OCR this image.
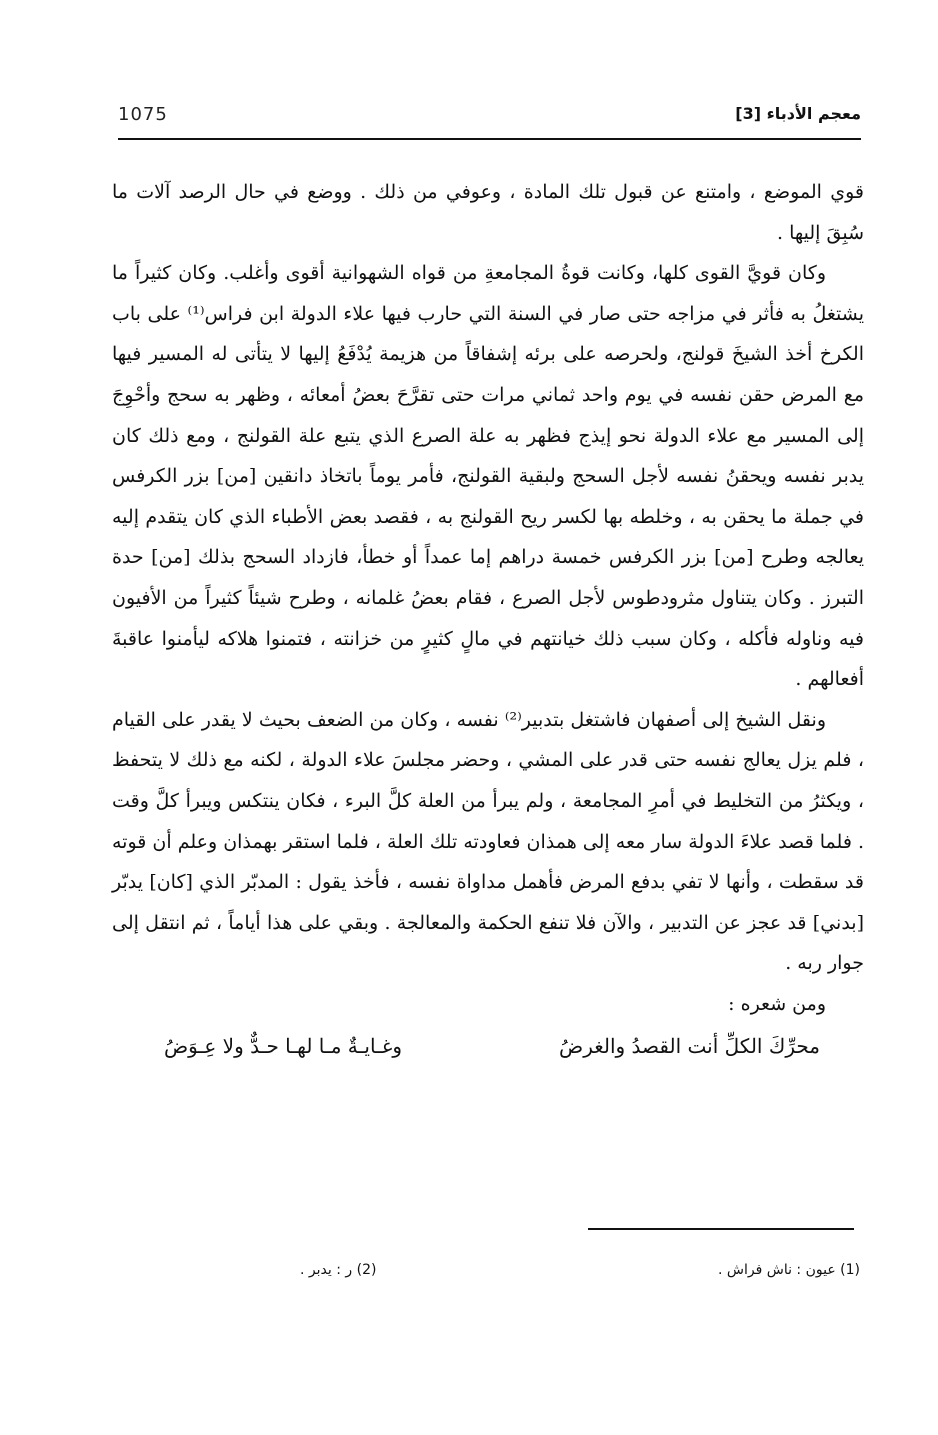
1075	معجم الأدباء [3]

قوي الموضع ، وامتنع عن قبول تلك المادة ، وعوفي من ذلك . ووضع في حال الرصد آلات ما سُبِقَ إليها .

وكان قويَّ القوى كلها، وكانت قوةُ المجامعةِ من قواه الشهوانية أقوى وأغلب. وكان كثيراً ما يشتغلُ به فأثر في مزاجه حتى صار في السنة التي حارب فيها علاء الدولة ابن فراس⁽¹⁾ على باب الكرخ أخذ الشيخَ قولنج، ولحرصه على برئه إشفاقاً من هزيمة يُدْفَعُ إليها لا يتأتى له المسير فيها مع المرض حقن نفسه في يوم واحد ثماني مرات حتى تقرَّحَ بعضُ أمعائه ، وظهر به سحج وأحْوِجَ إلى المسير مع علاء الدولة نحو إيذج فظهر به علة الصرع الذي يتبع علة القولنج ، ومع ذلك كان يدبر نفسه ويحقنُ نفسه لأجل السحج ولبقية القولنج، فأمر يوماً باتخاذ دانقين [من] بزر الكرفس في جملة ما يحقن به ، وخلطه بها لكسر ريح القولنج به ، فقصد بعض الأطباء الذي كان يتقدم إليه يعالجه وطرح [من] بزر الكرفس خمسة دراهم إما عمداً أو خطأ، فازداد السحج بذلك [من] حدة التبرز . وكان يتناول مثرودطوس لأجل الصرع ، فقام بعضُ غلمانه ، وطرح شيئاً كثيراً من الأفيون فيه وناوله فأكله ، وكان سبب ذلك خيانتهم في مالٍ كثيرٍ من خزانته ، فتمنوا هلاكه ليأمنوا عاقبةَ أفعالهم .

ونقل الشيخ إلى أصفهان فاشتغل بتدبير⁽²⁾ نفسه ، وكان من الضعف بحيث لا يقدر على القيام ، فلم يزل يعالج نفسه حتى قدر على المشي ، وحضر مجلسَ علاء الدولة ، لكنه مع ذلك لا يتحفظ ، ويكثرُ من التخليط في أمرِ المجامعة ، ولم يبرأ من العلة كلَّ البرء ، فكان ينتكس ويبرأ كلَّ وقت . فلما قصد علاءَ الدولة سار معه إلى همذان فعاودته تلك العلة ، فلما استقر بهمذان وعلم أن قوته قد سقطت ، وأنها لا تفي بدفع المرض فأهمل مداواة نفسه ، فأخذ يقول : المدبّر الذي [كان] يدبّر [بدني] قد عجز عن التدبير ، والآن فلا تنفع الحكمة والمعالجة . وبقي على هذا أياماً ، ثم انتقل إلى جوار ربه .

ومن شعره :

محرِّكَ الكلِّ أنت القصدُ والغرضُ
وغـايـةٌ مـا لهـا حـدٌّ ولا عِـوَضُ
(1) عيون : ناش فراش .
(2) ر : يدبر .
